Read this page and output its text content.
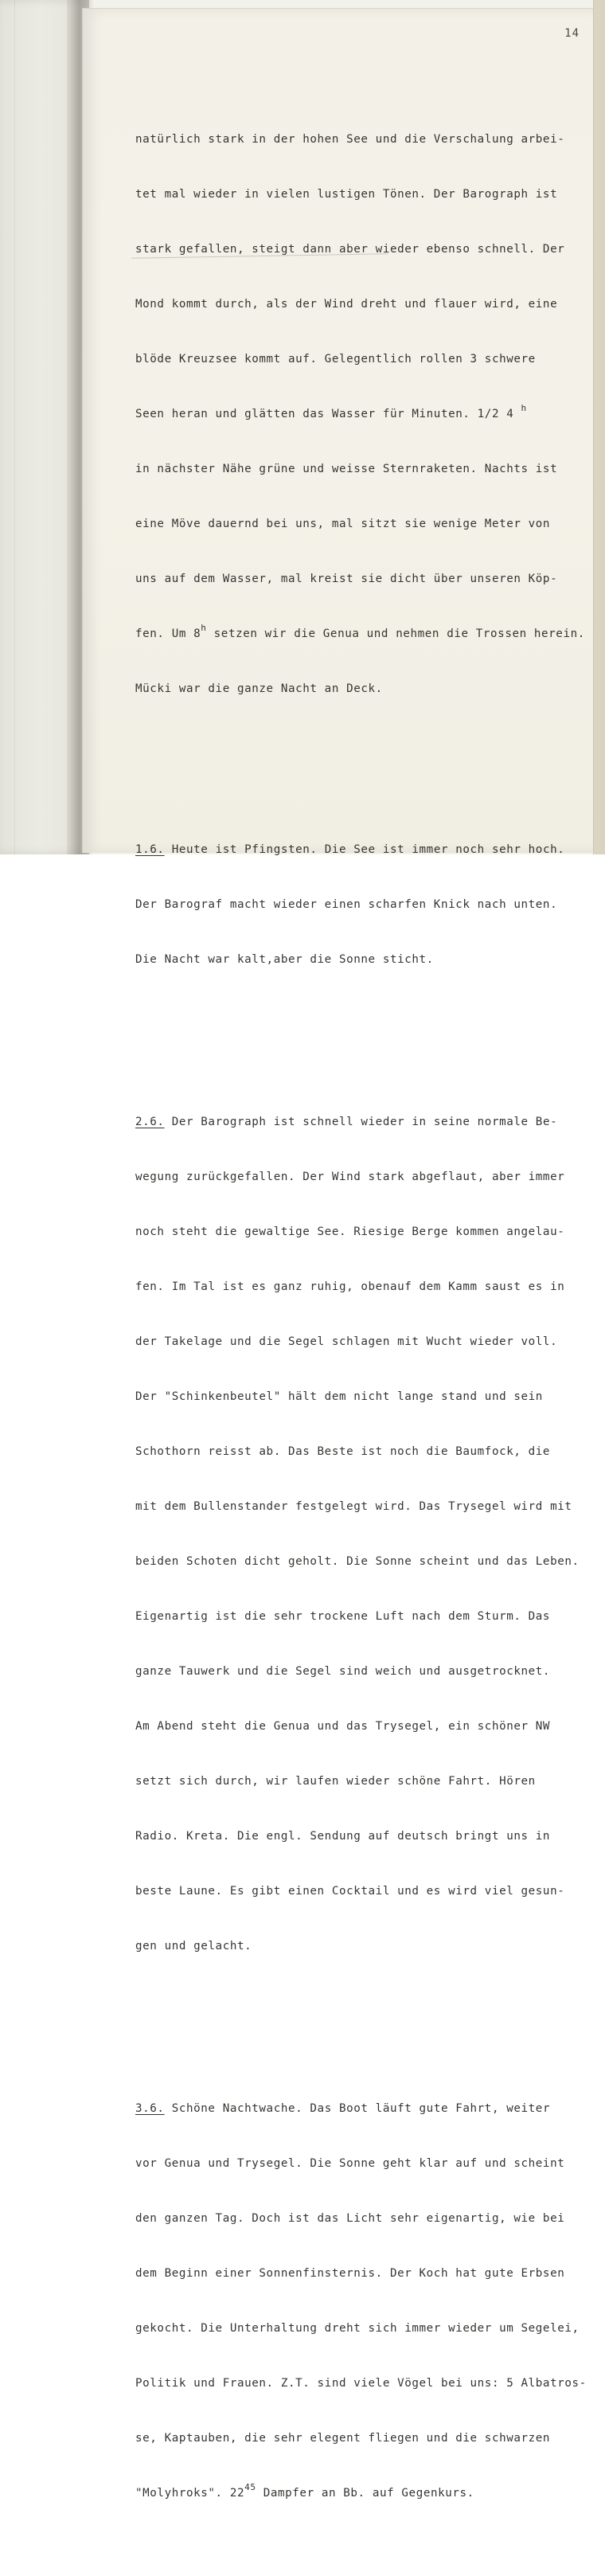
14

natürlich stark in der hohen See und die Verschalung arbei-

tet mal wieder in vielen lustigen Tönen. Der Barograph ist

stark gefallen, steigt dann aber wieder ebenso schnell. Der

Mond kommt durch, als der Wind dreht und flauer wird, eine

blöde Kreuzsee kommt auf. Gelegentlich rollen 3 schwere

Seen heran und glätten das Wasser für Minuten. 1/2 4 $^h$

in nächster Nähe grüne und weisse Sternraketen. Nachts ist

eine Möve dauernd bei uns, mal sitzt sie wenige Meter von

uns auf dem Wasser, mal kreist sie dicht über unseren Köp-

fen. Um 8$^h$ setzen wir die Genua und nehmen die Trossen herein.

Mücki war die ganze Nacht an Deck.

1.6. Heute ist Pfingsten. Die See ist immer noch sehr hoch.

Der Barograf macht wieder einen scharfen Knick nach unten.

Die Nacht war kalt,aber die Sonne sticht.

2.6. Der Barograph ist schnell wieder in seine normale Be-

wegung zurückgefallen. Der Wind stark abgeflaut, aber immer

noch steht die gewaltige See. Riesige Berge kommen angelau-

fen. Im Tal ist es ganz ruhig, obenauf dem Kamm saust es in

der Takelage und die Segel schlagen mit Wucht wieder voll.

Der "Schinkenbeutel" hält dem nicht lange stand und sein

Schothorn reisst ab. Das Beste ist noch die Baumfock, die

mit dem Bullenstander festgelegt wird. Das Trysegel wird mit

beiden Schoten dicht geholt. Die Sonne scheint und das Leben.

Eigenartig ist die sehr trockene Luft nach dem Sturm. Das

ganze Tauwerk und die Segel sind weich und ausgetrocknet.

Am Abend steht die Genua und das Trysegel, ein schöner NW

setzt sich durch, wir laufen wieder schöne Fahrt. Hören

Radio. Kreta. Die engl. Sendung auf deutsch bringt uns in

beste Laune. Es gibt einen Cocktail und es wird viel gesun-

gen und gelacht.

3.6. Schöne Nachtwache. Das Boot läuft gute Fahrt, weiter

vor Genua und Trysegel. Die Sonne geht klar auf und scheint

den ganzen Tag. Doch ist das Licht sehr eigenartig, wie bei

dem Beginn einer Sonnenfinsternis. Der Koch hat gute Erbsen

gekocht. Die Unterhaltung dreht sich immer wieder um Segelei,

Politik und Frauen. Z.T. sind viele Vögel bei uns: 5 Albatros-

se, Kaptauben, die sehr elegent fliegen und die schwarzen

"Molyhroks". $22^{45}$ Dampfer an Bb. auf Gegenkurs.
